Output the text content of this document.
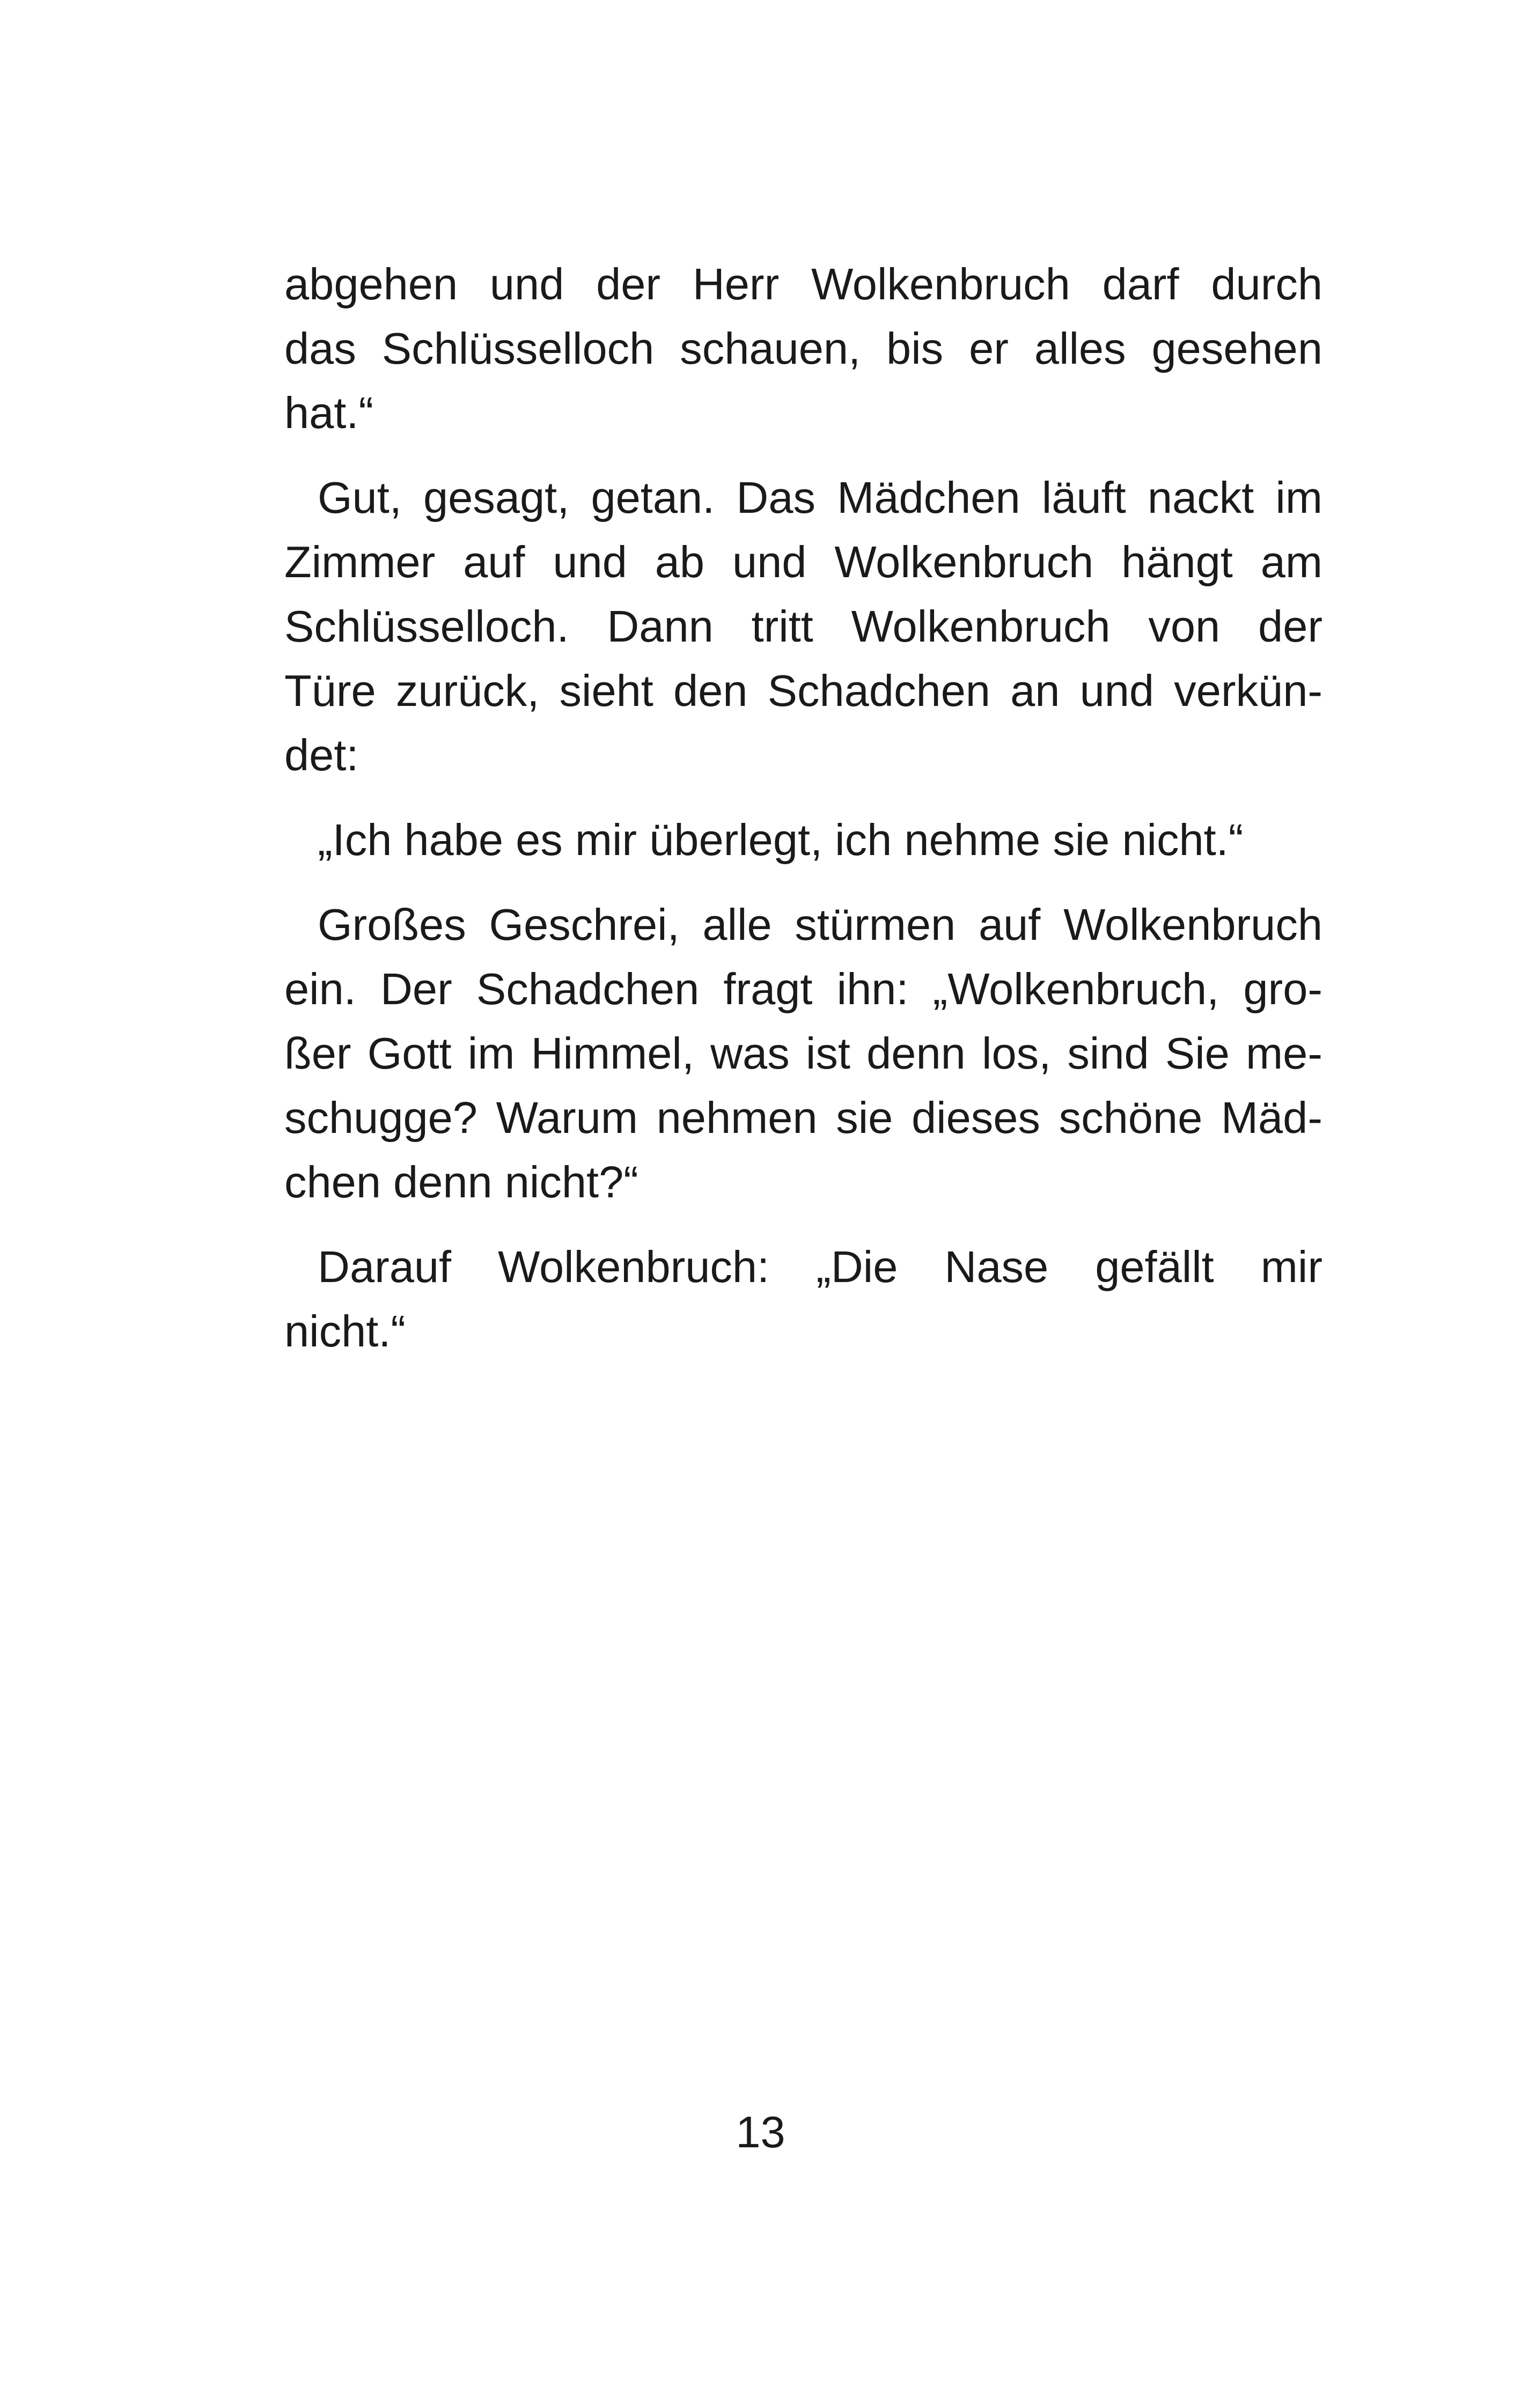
abgehen und der Herr Wolkenbruch darf durch
das Schlüsselloch schauen, bis er alles gesehen
hat.“
Gut, gesagt, getan. Das Mädchen läuft nackt im
Zimmer auf und ab und Wolkenbruch hängt am
Schlüsselloch. Dann tritt Wolkenbruch von der
Türe zurück, sieht den Schadchen an und verkün-
det:
„Ich habe es mir überlegt, ich nehme sie nicht.“
Großes Geschrei, alle stürmen auf Wolkenbruch
ein. Der Schadchen fragt ihn: „Wolkenbruch, gro-
ßer Gott im Himmel, was ist denn los, sind Sie me-
schugge? Warum nehmen sie dieses schöne Mäd-
chen denn nicht?“
Darauf Wolkenbruch: „Die Nase gefällt mir
nicht.“
13
